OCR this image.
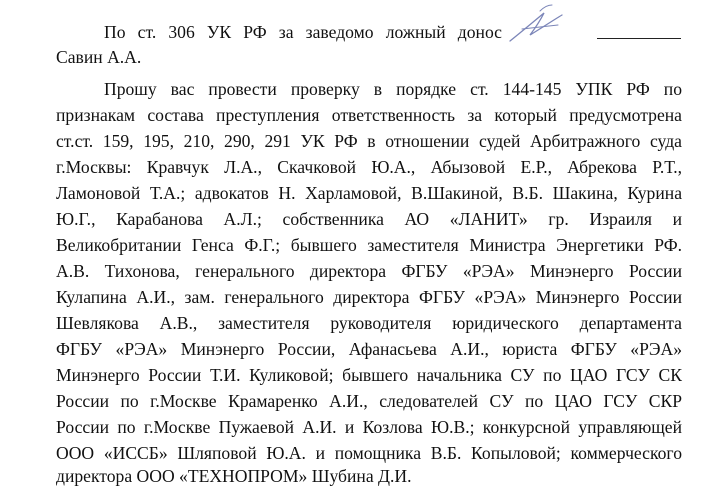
По ст. 306 УК РФ за заведомо ложный донос
Савин А.А.
Прошу вас провести проверку в порядке ст. 144-145 УПК РФ по
признакам состава преступления ответственность за который предусмотрена
ст.ст. 159, 195, 210, 290, 291 УК РФ в отношении судей Арбитражного суда
г.Москвы: Кравчук Л.А., Скачковой Ю.А., Абызовой Е.Р., Абрекова Р.Т.,
Ламоновой Т.А.; адвокатов Н. Харламовой, В.Шакиной, В.Б. Шакина, Курина
Ю.Г., Карабанова А.Л.; собственника АО «ЛАНИТ» гр. Израиля и
Великобритании Генса Ф.Г.; бывшего заместителя Министра Энергетики РФ.
А.В. Тихонова, генерального директора ФГБУ «РЭА» Минэнерго России
Кулапина А.И., зам. генерального директора ФГБУ «РЭА» Минэнерго России
Шевлякова А.В., заместителя руководителя юридического департамента
ФГБУ «РЭА» Минэнерго России, Афанасьева А.И., юриста ФГБУ «РЭА»
Минэнерго России Т.И. Куликовой; бывшего начальника СУ по ЦАО ГСУ СК
России по г.Москве Крамаренко А.И., следователей СУ по ЦАО ГСУ СКР
России по г.Москве Пужаевой А.И. и Козлова Ю.В.; конкурсной управляющей
ООО «ИССБ» Шляповой Ю.А. и помощника В.Б. Копыловой; коммерческого
директора ООО «ТЕХНОПРОМ» Шубина Д.И.
